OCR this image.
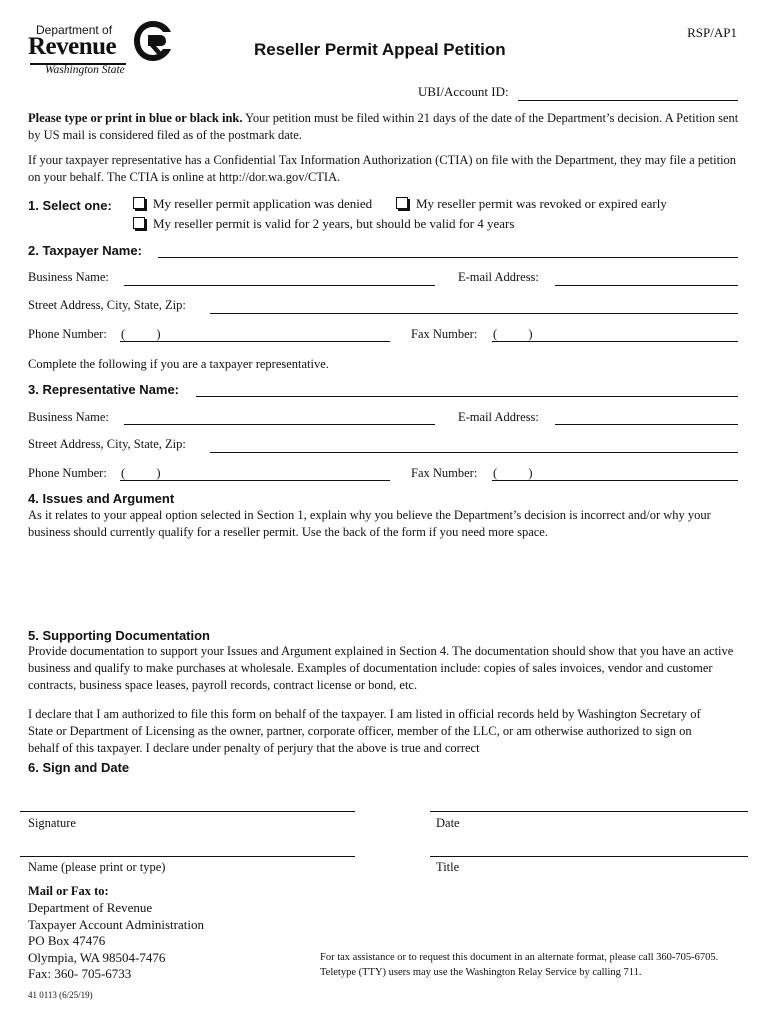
Department of
Revenue
Washington State
RSP/AP1
Reseller Permit Appeal Petition
UBI/Account ID:
Please type or print in blue or black ink. Your petition must be filed within 21 days of the date of the Department’s decision. A Petition sent by US mail is considered filed as of the postmark date.
If your taxpayer representative has a Confidential Tax Information Authorization (CTIA) on file with the Department, they may file a petition on your behalf. The CTIA is online at http://dor.wa.gov/CTIA.
1. Select one:	My reseller permit application was denied	My reseller permit was revoked or expired early
My reseller permit is valid for 2 years, but should be valid for 4 years
2. Taxpayer Name:
Business Name:	E-mail Address:
Street Address, City, State, Zip:
Phone Number: (          )	Fax Number: (          )
Complete the following if you are a taxpayer representative.
3. Representative Name:
Business Name:	E-mail Address:
Street Address, City, State, Zip:
Phone Number: (          )	Fax Number: (          )
4. Issues and Argument
As it relates to your appeal option selected in Section 1, explain why you believe the Department’s decision is incorrect and/or why your business should currently qualify for a reseller permit. Use the back of the form if you need more space.
5. Supporting Documentation
Provide documentation to support your Issues and Argument explained in Section 4. The documentation should show that you have an active business and qualify to make purchases at wholesale. Examples of documentation include: copies of sales invoices, vendor and customer contracts, business space leases, payroll records, contract license or bond, etc.
I declare that I am authorized to file this form on behalf of the taxpayer. I am listed in official records held by Washington Secretary of State or Department of Licensing as the owner, partner, corporate officer, member of the LLC, or am otherwise authorized to sign on behalf of this taxpayer. I declare under penalty of perjury that the above is true and correct
6. Sign and Date
Signature	Date
Name (please print or type)	Title
Mail or Fax to:
Department of Revenue
Taxpayer Account Administration
PO Box 47476
Olympia, WA 98504-7476
Fax: 360- 705-6733
41 0113 (6/25/19)
For tax assistance or to request this document in an alternate format, please call 360-705-6705. Teletype (TTY) users may use the Washington Relay Service by calling 711.
